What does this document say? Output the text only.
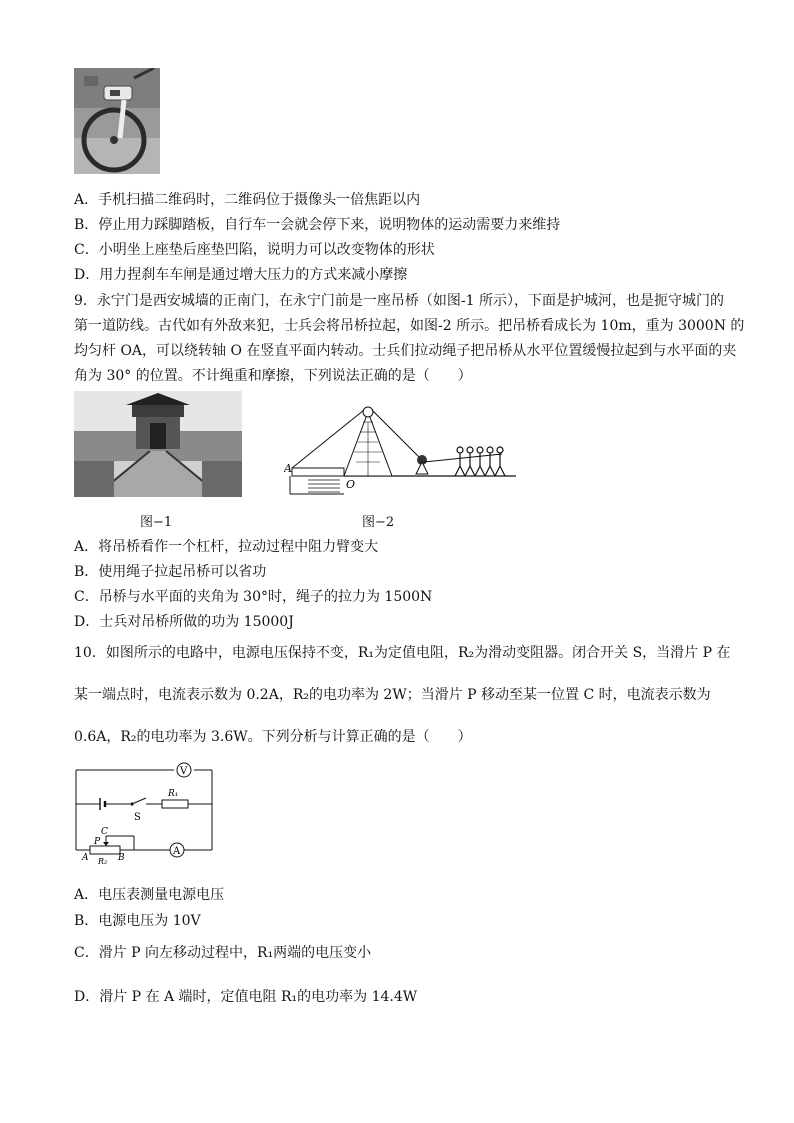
A．手机扫描二维码时，二维码位于摄像头一倍焦距以内
B．停止用力踩脚踏板，自行车一会就会停下来，说明物体的运动需要力来维持
C．小明坐上座垫后座垫凹陷，说明力可以改变物体的形状
D．用力捏刹车车闸是通过增大压力的方式来减小摩擦
9．永宁门是西安城墙的正南门，在永宁门前是一座吊桥（如图-1 所示），下面是护城河，也是扼守城门的
第一道防线。古代如有外敌来犯，士兵会将吊桥拉起，如图-2 所示。把吊桥看成长为 10m，重为 3000N 的
均匀杆 OA，可以绕转轴 O 在竖直平面内转动。士兵们拉动绳子把吊桥从水平位置缓慢拉起到与水平面的夹
角为 30° 的位置。不计绳重和摩擦，下列说法正确的是（　　）
图−1
A
O
图−2
A．将吊桥看作一个杠杆，拉动过程中阻力臂变大
B．使用绳子拉起吊桥可以省功
C．吊桥与水平面的夹角为 30°时，绳子的拉力为 1500N
D．士兵对吊桥所做的功为 15000J
10．如图所示的电路中，电源电压保持不变，R₁为定值电阻，R₂为滑动变阻器。闭合开关 S，当滑片 P 在
某一端点时，电流表示数为 0.2A，R₂的电功率为 2W；当滑片 P 移动至某一位置 C 时，电流表示数为
0.6A，R₂的电功率为 3.6W。下列分析与计算正确的是（　　）
V
S
R₁
P
C
A	B
R₂
A
A．电压表测量电源电压
B．电源电压为 10V
C．滑片 P 向左移动过程中，R₁两端的电压变小
D．滑片 P 在 A 端时，定值电阻 R₁的电功率为 14.4W
